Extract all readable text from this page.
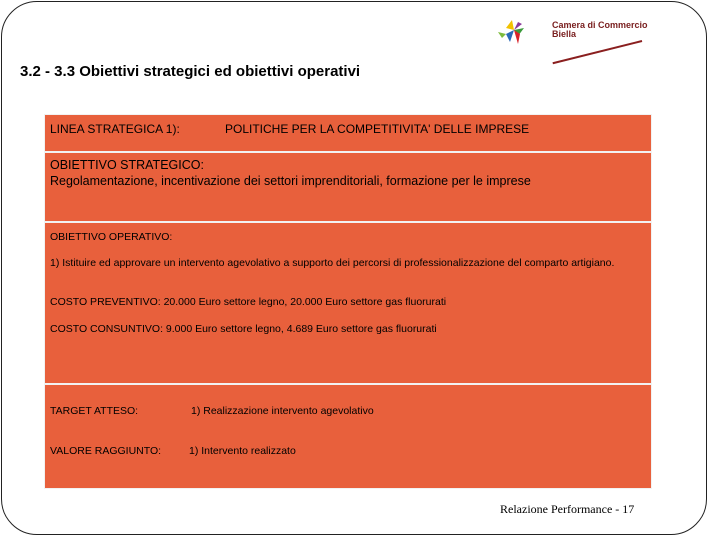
Camera di Commercio
Biella
3.2 - 3.3 Obiettivi strategici ed obiettivi operativi
LINEA STRATEGICA 1):	POLITICHE PER LA COMPETITIVITA' DELLE IMPRESE
OBIETTIVO STRATEGICO:
Regolamentazione, incentivazione dei settori imprenditoriali, formazione per le imprese
OBIETTIVO OPERATIVO:
1) Istituire ed approvare un intervento agevolativo a supporto dei percorsi di professionalizzazione del comparto artigiano.
COSTO PREVENTIVO: 20.000 Euro settore legno, 20.000 Euro settore gas fluorurati
COSTO CONSUNTIVO: 9.000 Euro settore legno, 4.689 Euro settore gas fluorurati
TARGET ATTESO:	1) Realizzazione intervento agevolativo
VALORE RAGGIUNTO:	1) Intervento realizzato
Relazione Performance - 17
